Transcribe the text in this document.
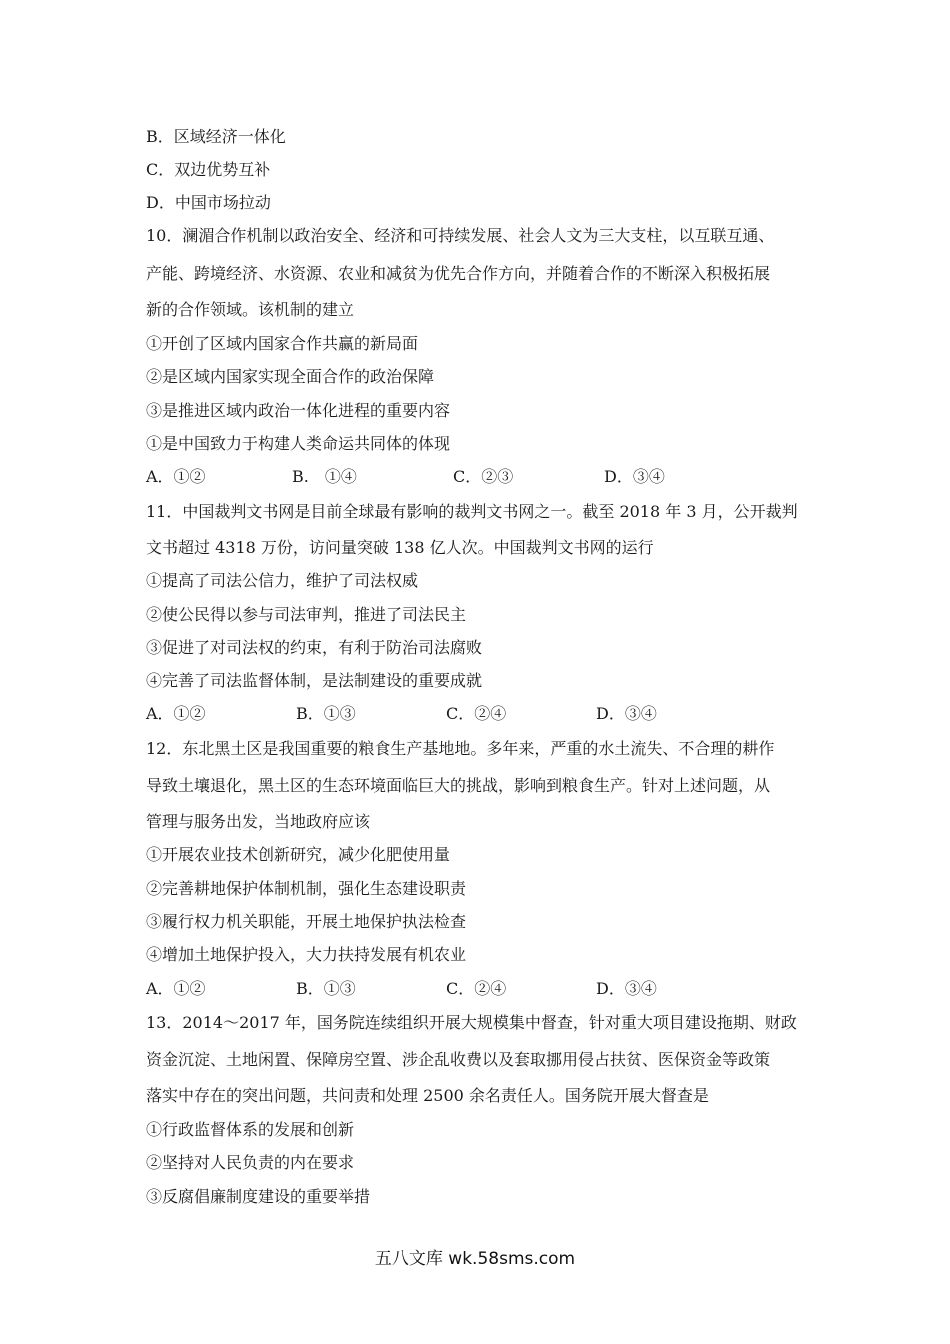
B．区域经济一体化
C．双边优势互补
D．中国市场拉动
10．澜湄合作机制以政治安全、经济和可持续发展、社会人文为三大支柱，以互联互通、
产能、跨境经济、水资源、农业和减贫为优先合作方向，并随着合作的不断深入积极拓展
新的合作领域。该机制的建立
①开创了区域内国家合作共赢的新局面
②是区域内国家实现全面合作的政治保障
③是推进区域内政治一体化进程的重要内容
①是中国致力于构建人类命运共同体的体现
A．①②	B.　①④	C．②③	D．③④
11．中国裁判文书网是目前全球最有影响的裁判文书网之一。截至 2018 年 3 月，公开裁判
文书超过 4318 万份，访问量突破 138 亿人次。中国裁判文书网的运行
①提高了司法公信力，维护了司法权威
②使公民得以参与司法审判，推进了司法民主
③促进了对司法权的约束，有利于防治司法腐败
④完善了司法监督体制，是法制建设的重要成就
A．①②	B．①③	C．②④	D．③④
12．东北黑土区是我国重要的粮食生产基地地。多年来，严重的水土流失、不合理的耕作
导致土壤退化，黑土区的生态环境面临巨大的挑战，影响到粮食生产。针对上述问题，从
管理与服务出发，当地政府应该
①开展农业技术创新研究，减少化肥使用量
②完善耕地保护体制机制，强化生态建设职责
③履行权力机关职能，开展土地保护执法检查
④增加土地保护投入，大力扶持发展有机农业
A．①②	B．①③	C．②④	D．③④
13．2014～2017 年，国务院连续组织开展大规模集中督查，针对重大项目建设拖期、财政
资金沉淀、土地闲置、保障房空置、涉企乱收费以及套取挪用侵占扶贫、医保资金等政策
落实中存在的突出问题，共问责和处理 2500 余名责任人。国务院开展大督查是
①行政监督体系的发展和创新
②坚持对人民负责的内在要求
③反腐倡廉制度建设的重要举措
五八文库 wk.58sms.com
